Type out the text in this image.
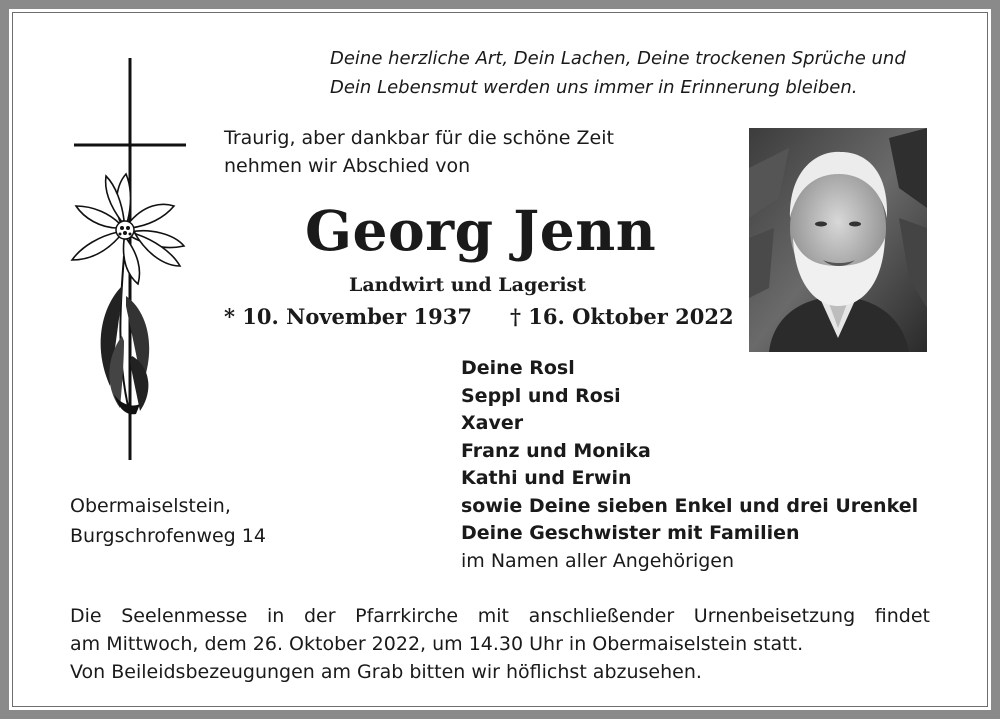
Deine herzliche Art, Dein Lachen, Deine trockenen Sprüche und
Dein Lebensmut werden uns immer in Erinnerung bleiben.
Traurig, aber dankbar für die schöne Zeit
nehmen wir Abschied von
Georg Jenn
Landwirt und Lagerist
* 10. November 1937 † 16. Oktober 2022
Deine Rosl
Seppl und Rosi
Xaver
Franz und Monika
Kathi und Erwin
sowie Deine sieben Enkel und drei Urenkel
Deine Geschwister mit Familien
im Namen aller Angehörigen
Obermaiselstein,
Burgschrofenweg 14
Die Seelenmesse in der Pfarrkirche mit anschließender Urnenbeisetzung findet
am Mittwoch, dem 26. Oktober 2022, um 14.30 Uhr in Obermaiselstein statt.
Von Beileidsbezeugungen am Grab bitten wir höflichst abzusehen.
